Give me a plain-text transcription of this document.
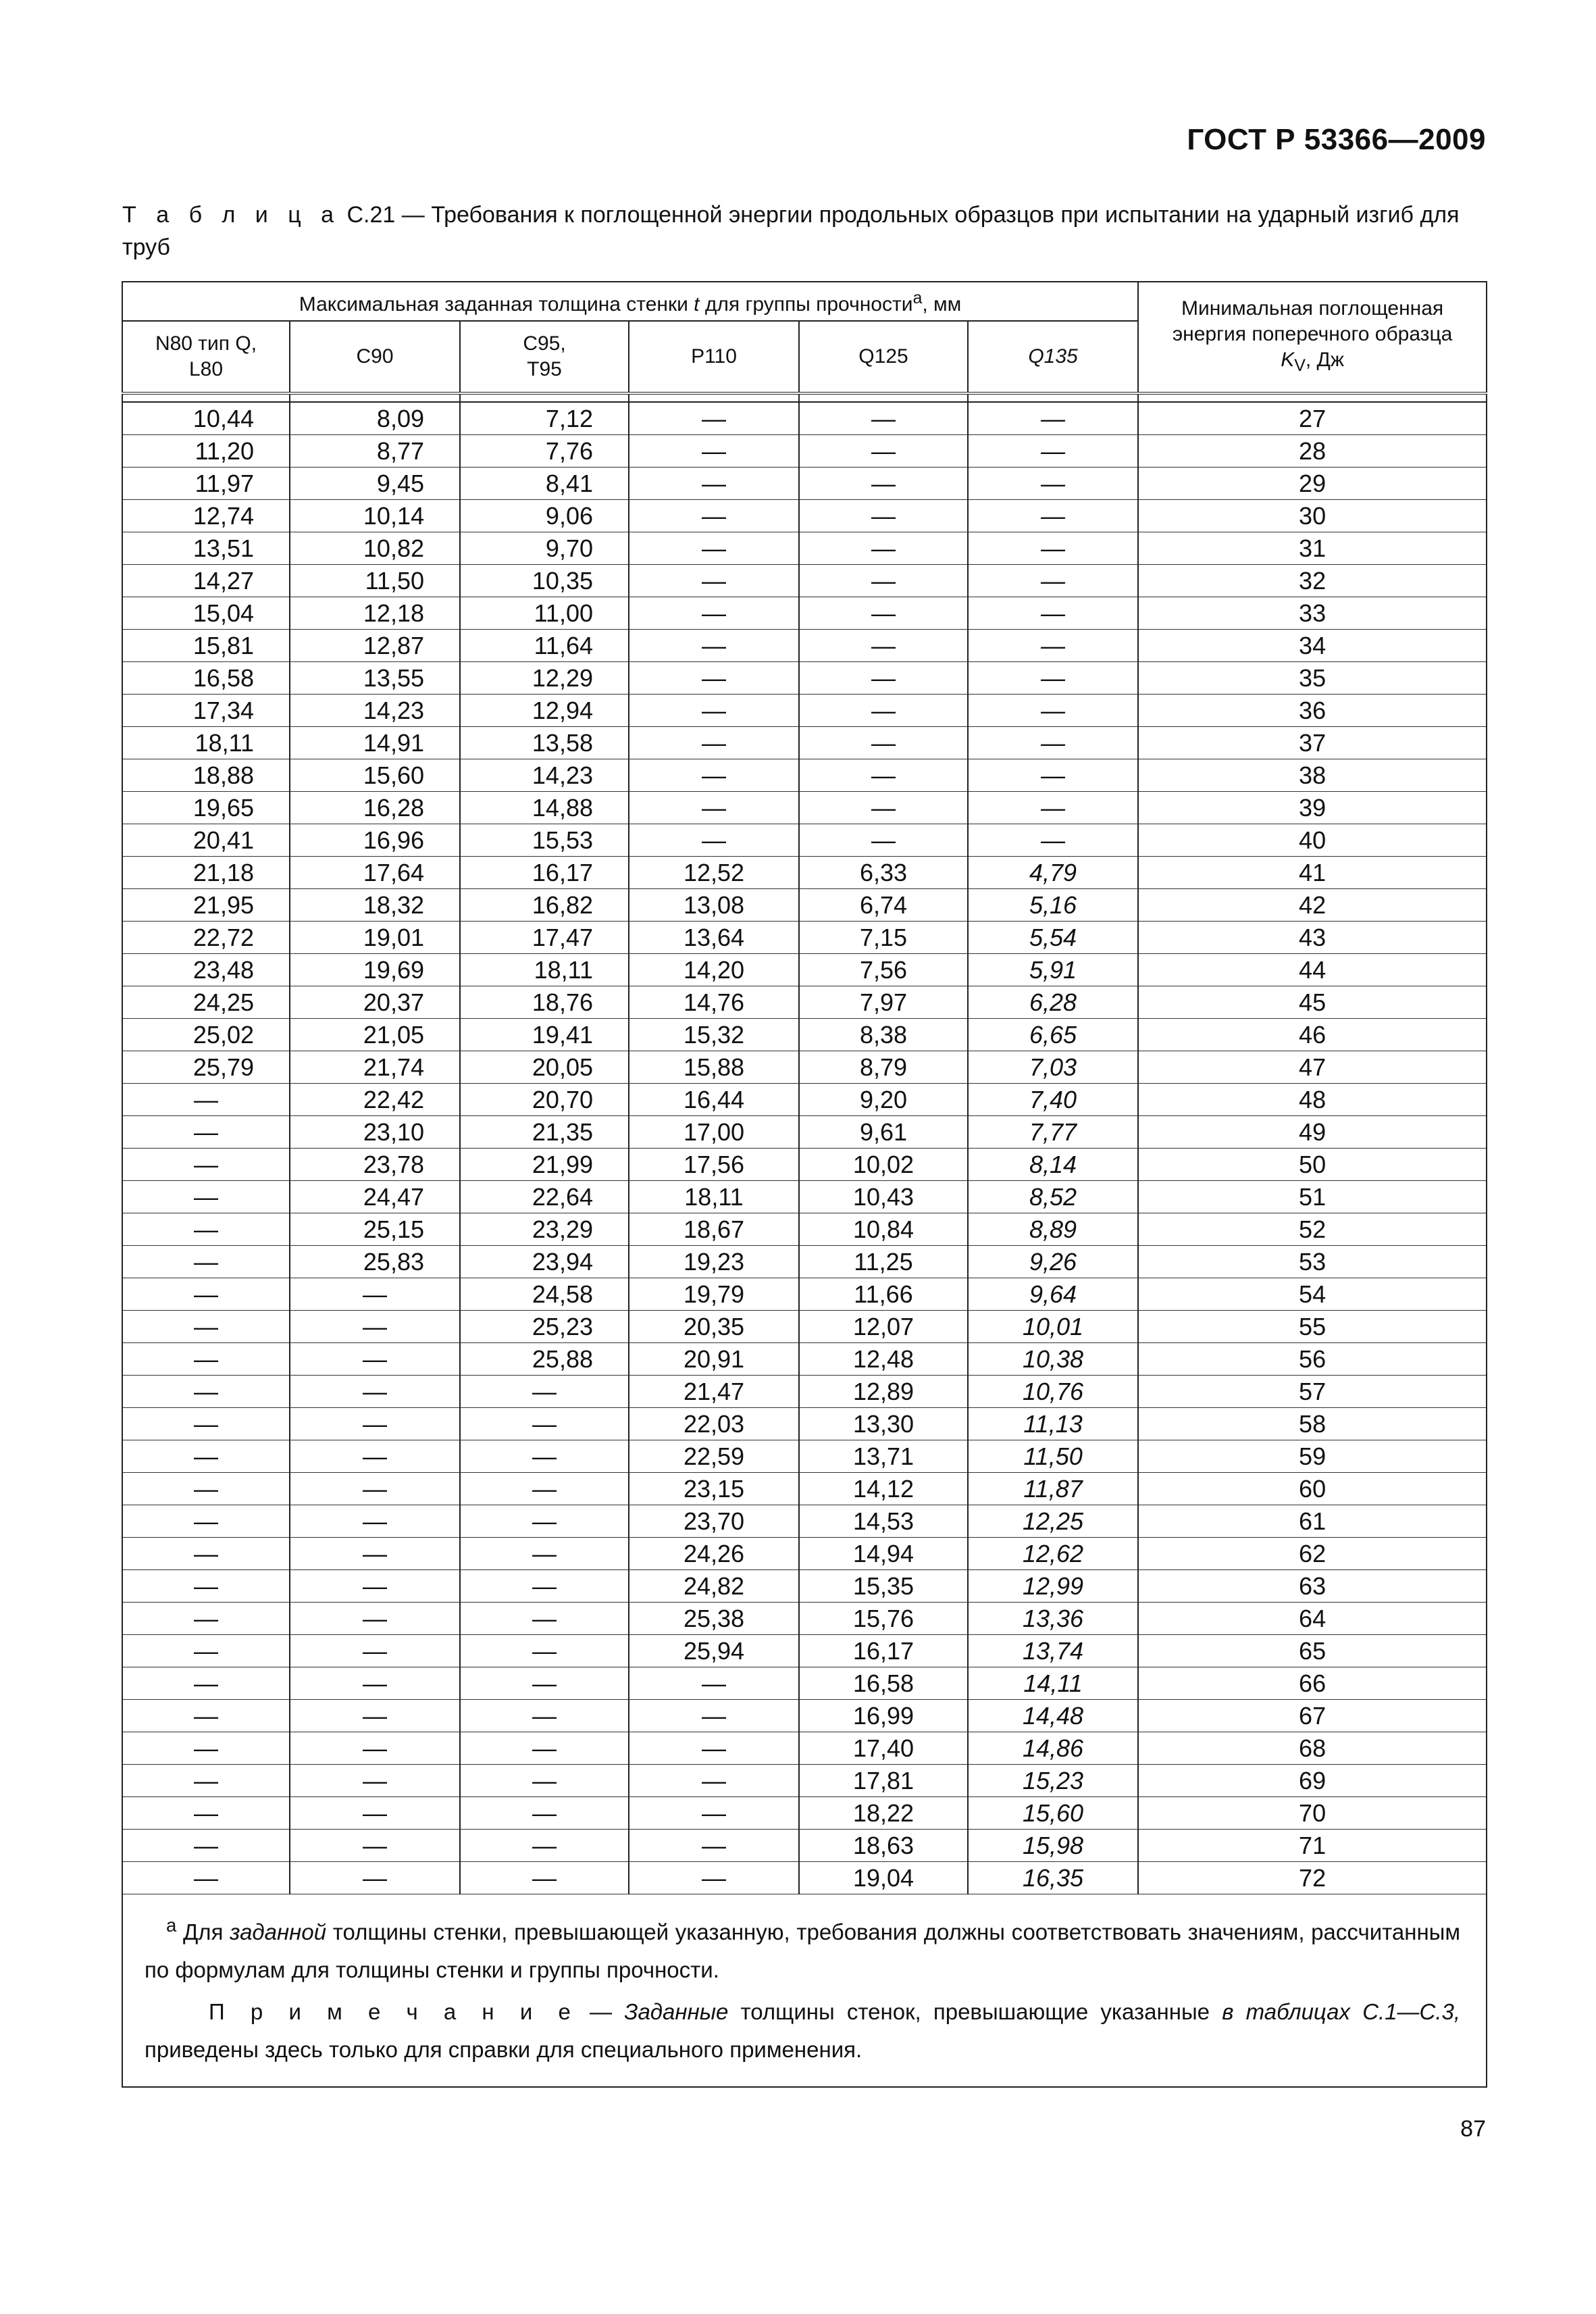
ГОСТ Р 53366—2009
Т а б л и ц а С.21 — Требования к поглощенной энергии продольных образцов при испытании на ударный изгиб для труб
Максимальная заданная толщина стенки t для группы прочности$^а$, мм						Минимальная поглощенная энергия поперечного образца $K_V$, Дж
N80 тип Q, L80	С90	С95, Т95	P110	Q125	Q135	

10,44	8,09	7,12	—	—	—	27
11,20	8,77	7,76	—	—	—	28
11,97	9,45	8,41	—	—	—	29
12,74	10,14	9,06	—	—	—	30
13,51	10,82	9,70	—	—	—	31
14,27	11,50	10,35	—	—	—	32
15,04	12,18	11,00	—	—	—	33
15,81	12,87	11,64	—	—	—	34
16,58	13,55	12,29	—	—	—	35
17,34	14,23	12,94	—	—	—	36
18,11	14,91	13,58	—	—	—	37
18,88	15,60	14,23	—	—	—	38
19,65	16,28	14,88	—	—	—	39
20,41	16,96	15,53	—	—	—	40
21,18	17,64	16,17	12,52	6,33	4,79	41
21,95	18,32	16,82	13,08	6,74	5,16	42
22,72	19,01	17,47	13,64	7,15	5,54	43
23,48	19,69	18,11	14,20	7,56	5,91	44
24,25	20,37	18,76	14,76	7,97	6,28	45
25,02	21,05	19,41	15,32	8,38	6,65	46
25,79	21,74	20,05	15,88	8,79	7,03	47
—	22,42	20,70	16,44	9,20	7,40	48
—	23,10	21,35	17,00	9,61	7,77	49
—	23,78	21,99	17,56	10,02	8,14	50
—	24,47	22,64	18,11	10,43	8,52	51
—	25,15	23,29	18,67	10,84	8,89	52
—	25,83	23,94	19,23	11,25	9,26	53
—	—	24,58	19,79	11,66	9,64	54
—	—	25,23	20,35	12,07	10,01	55
—	—	25,88	20,91	12,48	10,38	56
—	—	—	21,47	12,89	10,76	57
—	—	—	22,03	13,30	11,13	58
—	—	—	22,59	13,71	11,50	59
—	—	—	23,15	14,12	11,87	60
—	—	—	23,70	14,53	12,25	61
—	—	—	24,26	14,94	12,62	62
—	—	—	24,82	15,35	12,99	63
—	—	—	25,38	15,76	13,36	64
—	—	—	25,94	16,17	13,74	65
—	—	—	—	16,58	14,11	66
—	—	—	—	16,99	14,48	67
—	—	—	—	17,40	14,86	68
—	—	—	—	17,81	15,23	69
—	—	—	—	18,22	15,60	70
—	—	—	—	18,63	15,98	71
—	—	—	—	19,04	16,35	72

$^а$ Для заданной толщины стенки, превышающей указанную, требования должны соответствовать значениям, рассчитанным по формулам для толщины стенки и группы прочности.

П р и м е ч а н и е — Заданные толщины стенок, превышающие указанные в таблицах С.1—С.3, приведены здесь только для справки для специального применения.						

87
